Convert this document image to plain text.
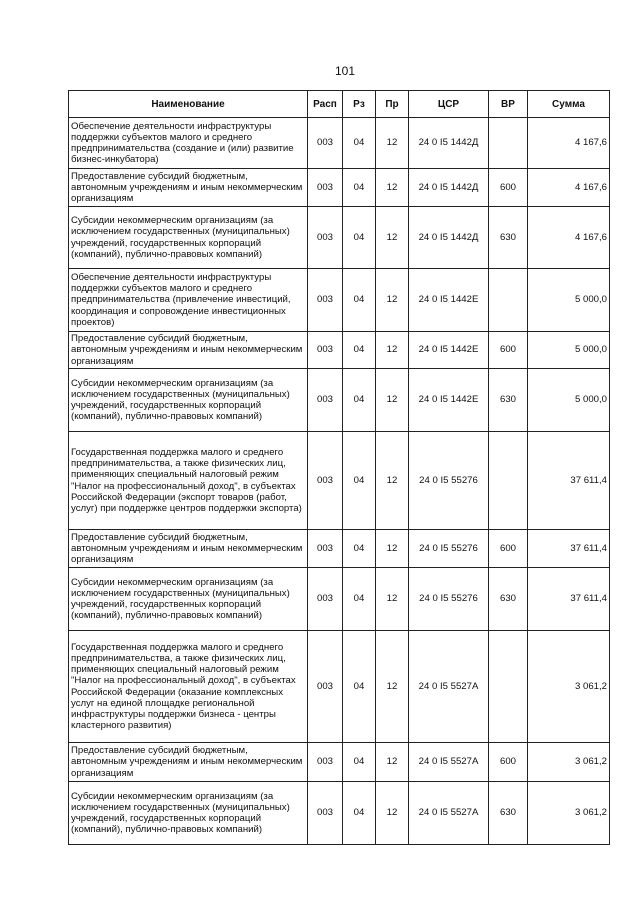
101
Наименование	Расп	Рз	Пр	ЦСР	ВР	Сумма
Обеспечение деятельности инфраструктуры поддержки субъектов малого и среднего предпринимательства (создание и (или) развитие бизнес-инкубатора)	003	04	12	24 0 I5 1442Д		4 167,6
Предоставление субсидий бюджетным, автономным учреждениям и иным некоммерческим организациям	003	04	12	24 0 I5 1442Д	600	4 167,6
Субсидии некоммерческим организациям (за исключением государственных (муниципальных) учреждений, государственных корпораций (компаний), публично-правовых компаний)	003	04	12	24 0 I5 1442Д	630	4 167,6
Обеспечение деятельности инфраструктуры поддержки субъектов малого и среднего предпринимательства (привлечение инвестиций, координация и сопровождение инвестиционных проектов)	003	04	12	24 0 I5 1442Е		5 000,0
Предоставление субсидий бюджетным, автономным учреждениям и иным некоммерческим организациям	003	04	12	24 0 I5 1442Е	600	5 000,0
Субсидии некоммерческим организациям (за исключением государственных (муниципальных) учреждений, государственных корпораций (компаний), публично-правовых компаний)	003	04	12	24 0 I5 1442Е	630	5 000,0
Государственная поддержка малого и среднего предпринимательства, а также физических лиц, применяющих специальный налоговый режим "Налог на профессиональный доход", в субъектах Российской Федерации (экспорт товаров (работ, услуг) при поддержке центров поддержки экспорта)	003	04	12	24 0 I5 55276		37 611,4
Предоставление субсидий бюджетным, автономным учреждениям и иным некоммерческим организациям	003	04	12	24 0 I5 55276	600	37 611,4
Субсидии некоммерческим организациям (за исключением государственных (муниципальных) учреждений, государственных корпораций (компаний), публично-правовых компаний)	003	04	12	24 0 I5 55276	630	37 611,4
Государственная поддержка малого и среднего предпринимательства, а также физических лиц, применяющих специальный налоговый режим "Налог на профессиональный доход", в субъектах Российской Федерации (оказание комплексных услуг на единой площадке региональной инфраструктуры поддержки бизнеса - центры кластерного развития)	003	04	12	24 0 I5 5527А		3 061,2
Предоставление субсидий бюджетным, автономным учреждениям и иным некоммерческим организациям	003	04	12	24 0 I5 5527А	600	3 061,2
Субсидии некоммерческим организациям (за исключением государственных (муниципальных) учреждений, государственных корпораций (компаний), публично-правовых компаний)	003	04	12	24 0 I5 5527А	630	3 061,2
